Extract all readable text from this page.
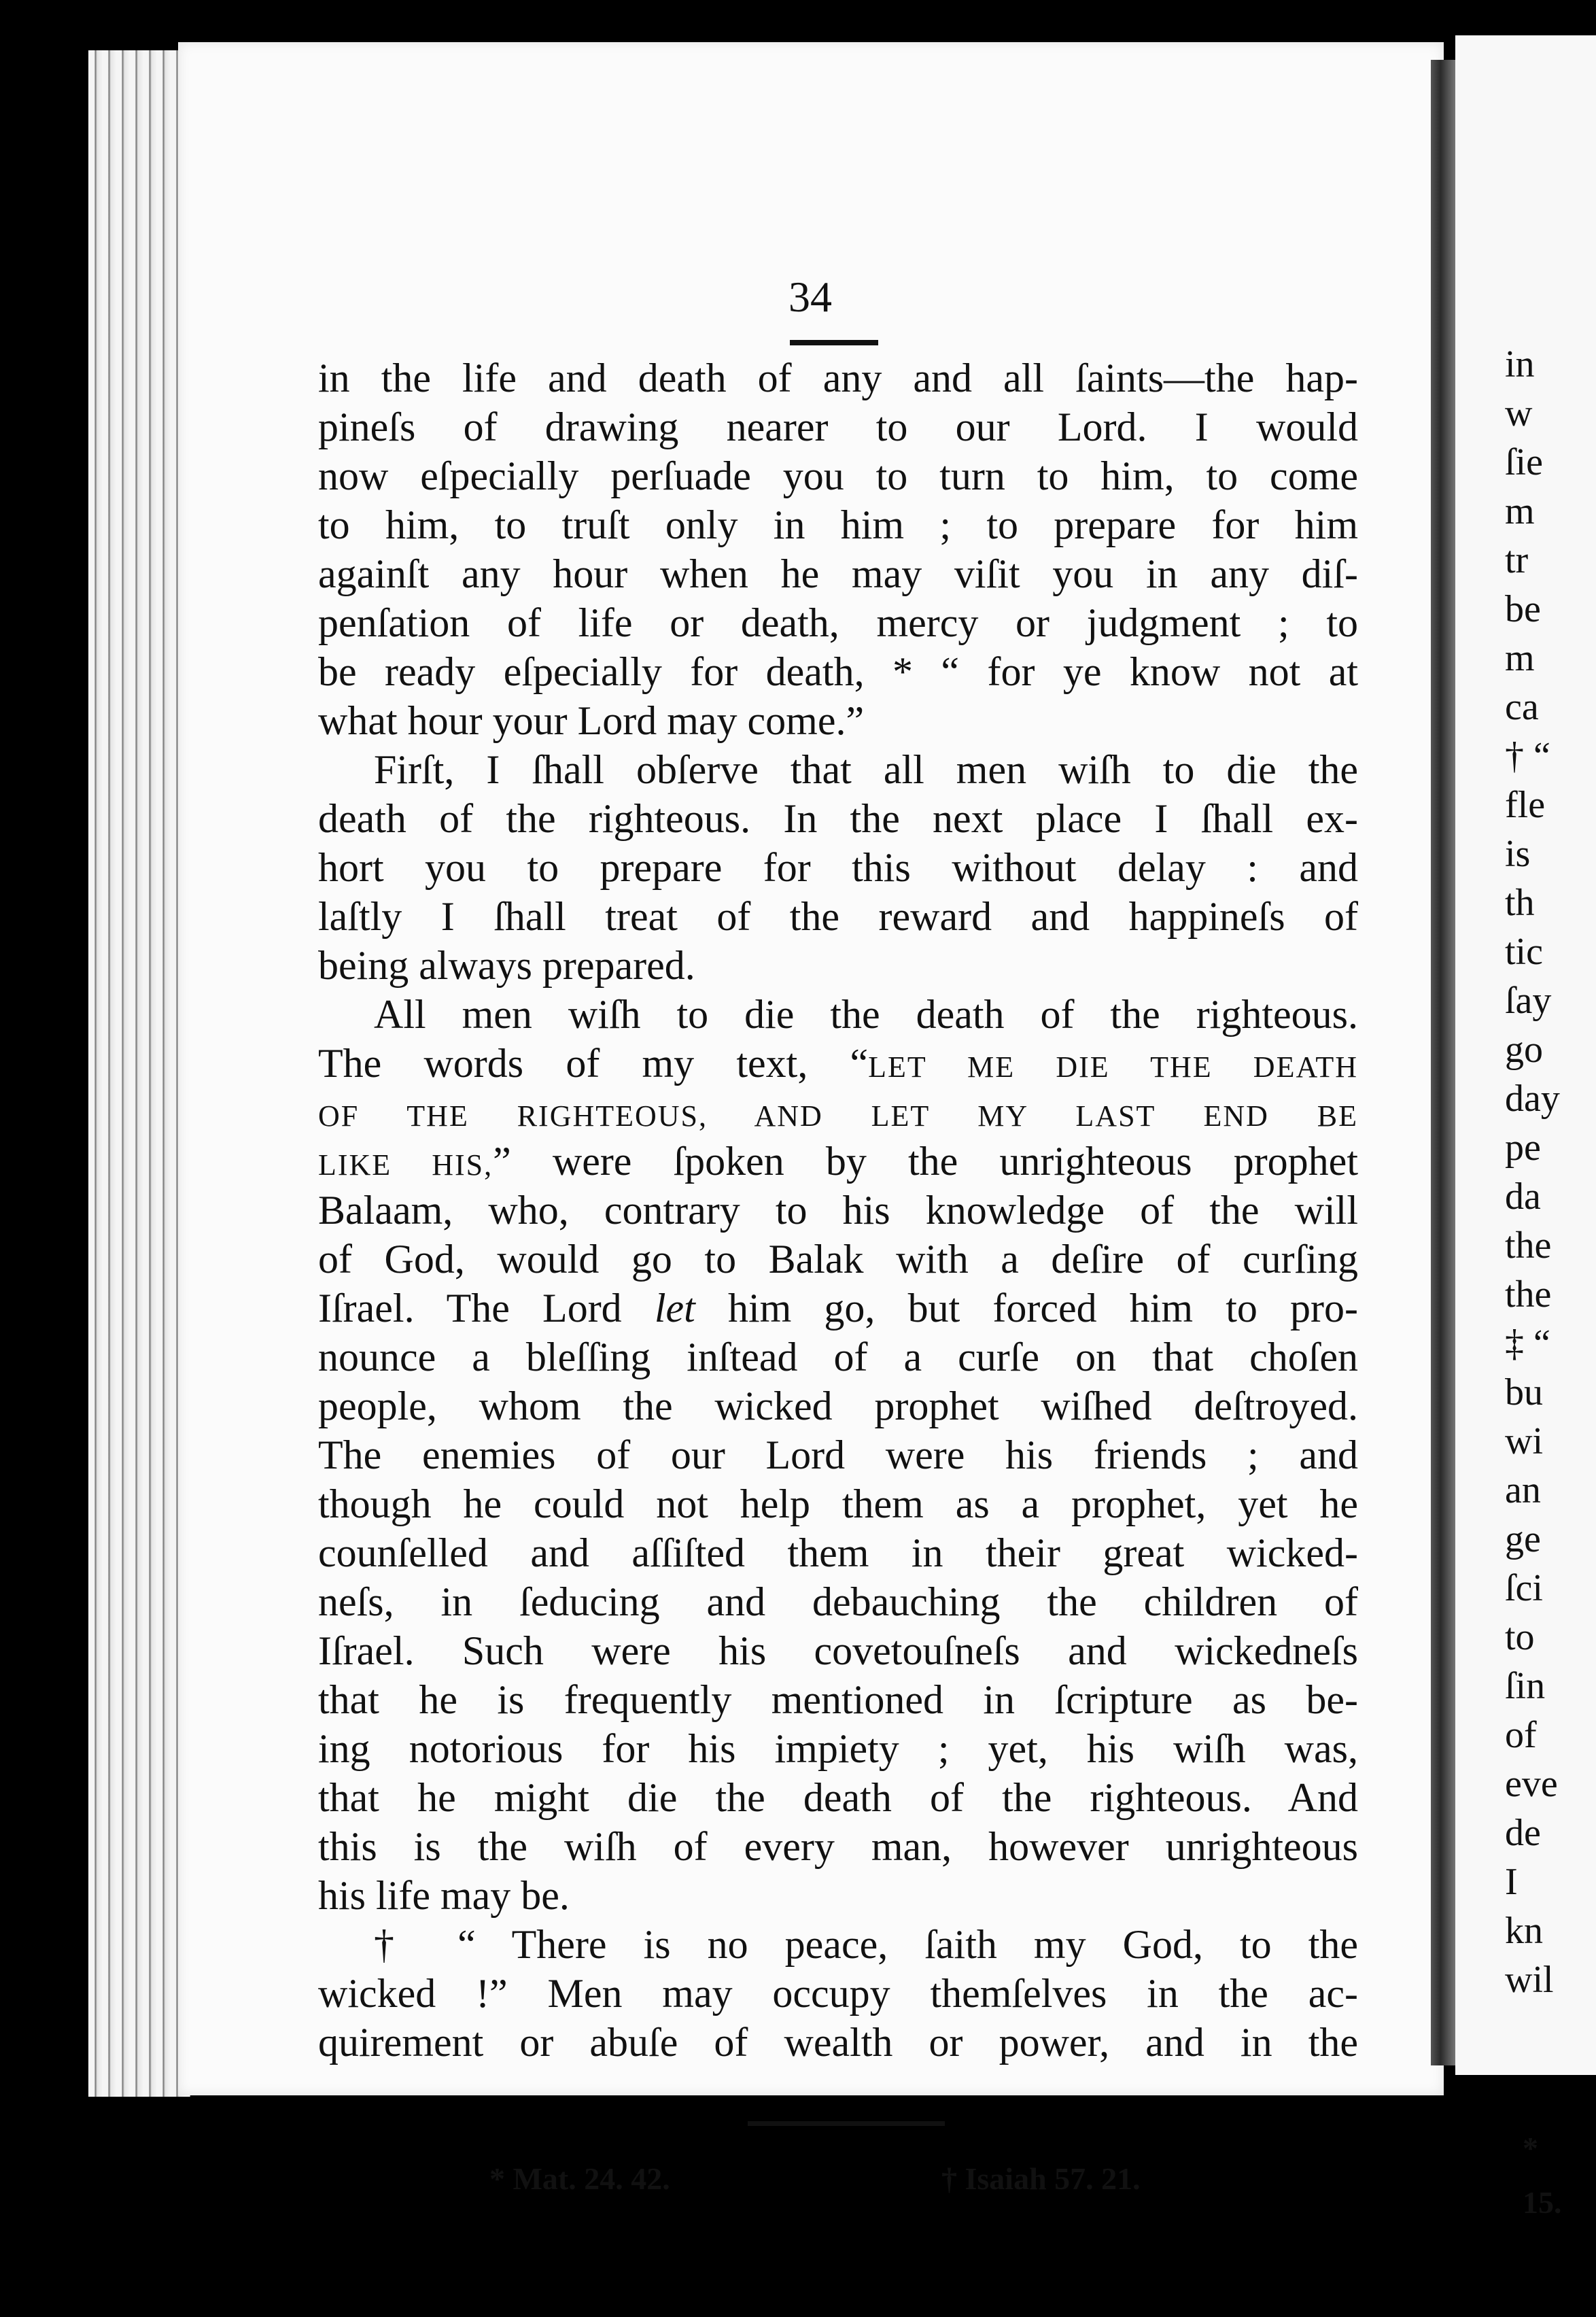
34
in the life and death of any and all ſaints—the hap-
pineſs of drawing nearer to our Lord. I would
now eſpecially perſuade you to turn to him, to come
to him, to truſt only in him ; to prepare for him
againſt any hour when he may viſit you in any diſ-
penſation of life or death, mercy or judgment ; to
be ready eſpecially for death, * “ for ye know not at
what hour your Lord may come.”
Firſt, I ſhall obſerve that all men wiſh to die the
death of the righteous. In the next place I ſhall ex-
hort you to prepare for this without delay : and
laſtly I ſhall treat of the reward and happineſs of
being always prepared.
All men wiſh to die the death of the righteous.
The words of my text, “LET ME DIE THE DEATH
OF THE RIGHTEOUS, AND LET MY LAST END BE
LIKE HIS,” were ſpoken by the unrighteous prophet
Balaam, who, contrary to his knowledge of the will
of God, would go to Balak with a deſire of curſing
Iſrael. The Lord let him go, but forced him to pro-
nounce a bleſſing inſtead of a curſe on that choſen
people, whom the wicked prophet wiſhed deſtroyed.
The enemies of our Lord were his friends ; and
though he could not help them as a prophet, yet he
counſelled and aſſiſted them in their great wicked-
neſs, in ſeducing and debauching the children of
Iſrael. Such were his covetouſneſs and wickedneſs
that he is frequently mentioned in ſcripture as be-
ing notorious for his impiety ; yet, his wiſh was,
that he might die the death of the righteous. And
this is the wiſh of every man, however unrighteous
his life may be.
† “ There is no peace, ſaith my God, to the
wicked !” Men may occupy themſelves in the ac-
quirement or abuſe of wealth or power, and in the
* Mat. 24. 42.	† Isaiah 57. 21.
in
w
ſie
m
tr
be
m
ca
† “
fle
is
th
tic
ſay
go
day
pe
da
the
the
‡ “
bu
wi
an
ge
ſci
to
ſin
of
eve
de
I
kn
wil
*
15.
